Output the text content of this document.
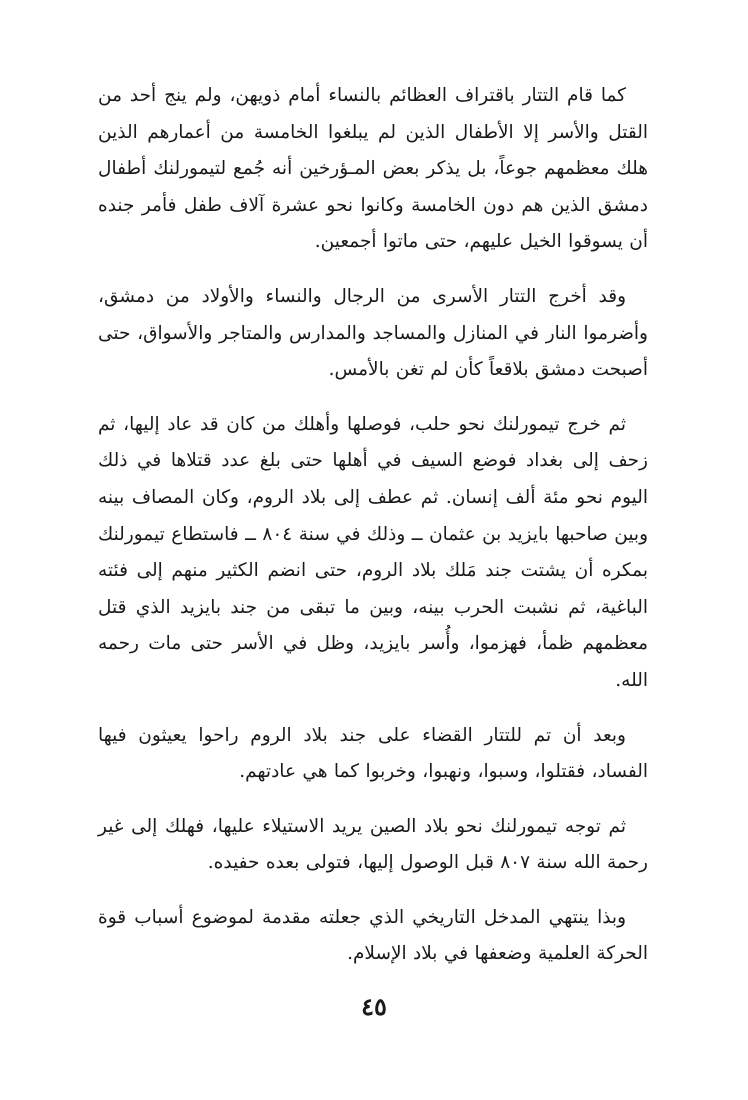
كما قام التتار باقتراف العظائم بالنساء أمام ذويهن، ولم ينج أحد من القتل والأسر إلا الأطفال الذين لم يبلغوا الخامسة من أعمارهم الذين هلك معظمهم جوعاً، بل يذكر بعض المـؤرخين أنه جُمع لتيمورلنك أطفال دمشق الذين هم دون الخامسة وكانوا نحو عشرة آلاف طفل فأمر جنده أن يسوقوا الخيل عليهم، حتى ماتوا أجمعين.

وقد أخرج التتار الأسرى من الرجال والنساء والأولاد من دمشق، وأضرموا النار في المنازل والمساجد والمدارس والمتاجر والأسواق، حتى أصبحت دمشق بلاقعاً كأن لم تغن بالأمس.

ثم خرج تيمورلنك نحو حلب، فوصلها وأهلك من كان قد عاد إليها، ثم زحف إلى بغداد فوضع السيف في أهلها حتى بلغ عدد قتلاها في ذلك اليوم نحو مئة ألف إنسان. ثم عطف إلى بلاد الروم، وكان المصاف بينه وبين صاحبها بايزيد بن عثمان ــ وذلك في سنة ٨٠٤ ــ فاستطاع تيمورلنك بمكره أن يشتت جند مَلك بلاد الروم، حتى انضم الكثير منهم إلى فئته الباغية، ثم نشبت الحرب بينه، وبين ما تبقى من جند بايزيد الذي قتل معظمهم ظمأ، فهزموا، وأُسر بايزيد، وظل في الأسر حتى مات رحمه الله.

وبعد أن تم للتتار القضاء على جند بلاد الروم راحوا يعيثون فيها الفساد، فقتلوا، وسبوا، ونهبوا، وخربوا كما هي عادتهم.

ثم توجه تيمورلنك نحو بلاد الصين يريد الاستيلاء عليها، فهلك إلى غير رحمة الله سنة ٨٠٧ قبل الوصول إليها، فتولى بعده حفيده.

وبذا ينتهي المدخل التاريخي الذي جعلته مقدمة لموضوع أسباب قوة الحركة العلمية وضعفها في بلاد الإسلام.

٤٥
